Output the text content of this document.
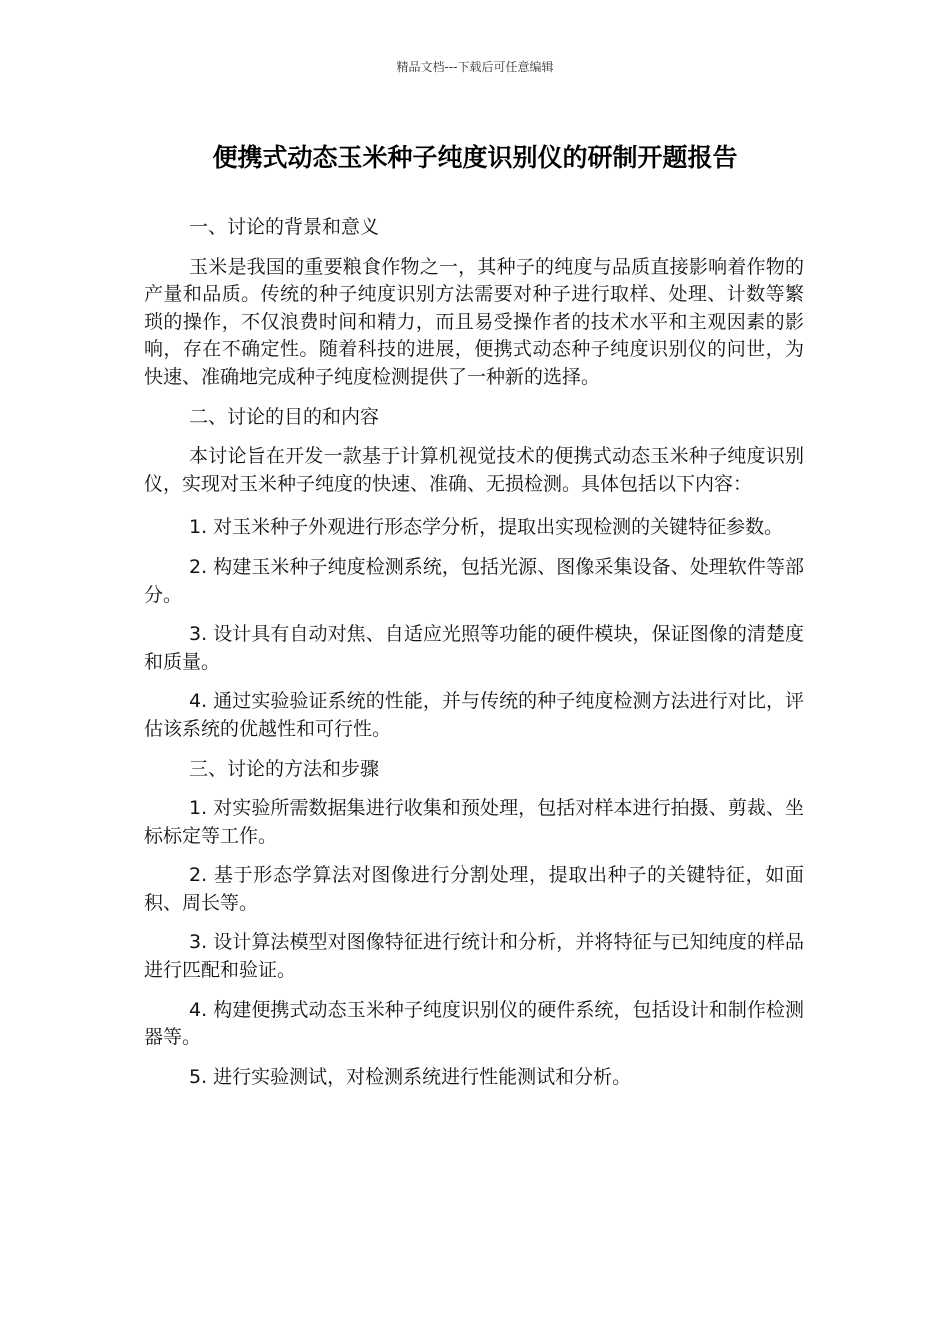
精品文档---下载后可任意编辑
便携式动态玉米种子纯度识别仪的研制开题报告

一、讨论的背景和意义

玉米是我国的重要粮食作物之一，其种子的纯度与品质直接影响着作物的产量和品质。传统的种子纯度识别方法需要对种子进行取样、处理、计数等繁琐的操作，不仅浪费时间和精力，而且易受操作者的技术水平和主观因素的影响，存在不确定性。随着科技的进展，便携式动态种子纯度识别仪的问世，为快速、准确地完成种子纯度检测提供了一种新的选择。

二、讨论的目的和内容

本讨论旨在开发一款基于计算机视觉技术的便携式动态玉米种子纯度识别仪，实现对玉米种子纯度的快速、准确、无损检测。具体包括以下内容：

1. 对玉米种子外观进行形态学分析，提取出实现检测的关键特征参数。

2. 构建玉米种子纯度检测系统，包括光源、图像采集设备、处理软件等部分。

3. 设计具有自动对焦、自适应光照等功能的硬件模块，保证图像的清楚度和质量。

4. 通过实验验证系统的性能，并与传统的种子纯度检测方法进行对比，评估该系统的优越性和可行性。

三、讨论的方法和步骤

1. 对实验所需数据集进行收集和预处理，包括对样本进行拍摄、剪裁、坐标标定等工作。

2. 基于形态学算法对图像进行分割处理，提取出种子的关键特征，如面积、周长等。

3. 设计算法模型对图像特征进行统计和分析，并将特征与已知纯度的样品进行匹配和验证。

4. 构建便携式动态玉米种子纯度识别仪的硬件系统，包括设计和制作检测器等。

5. 进行实验测试，对检测系统进行性能测试和分析。
